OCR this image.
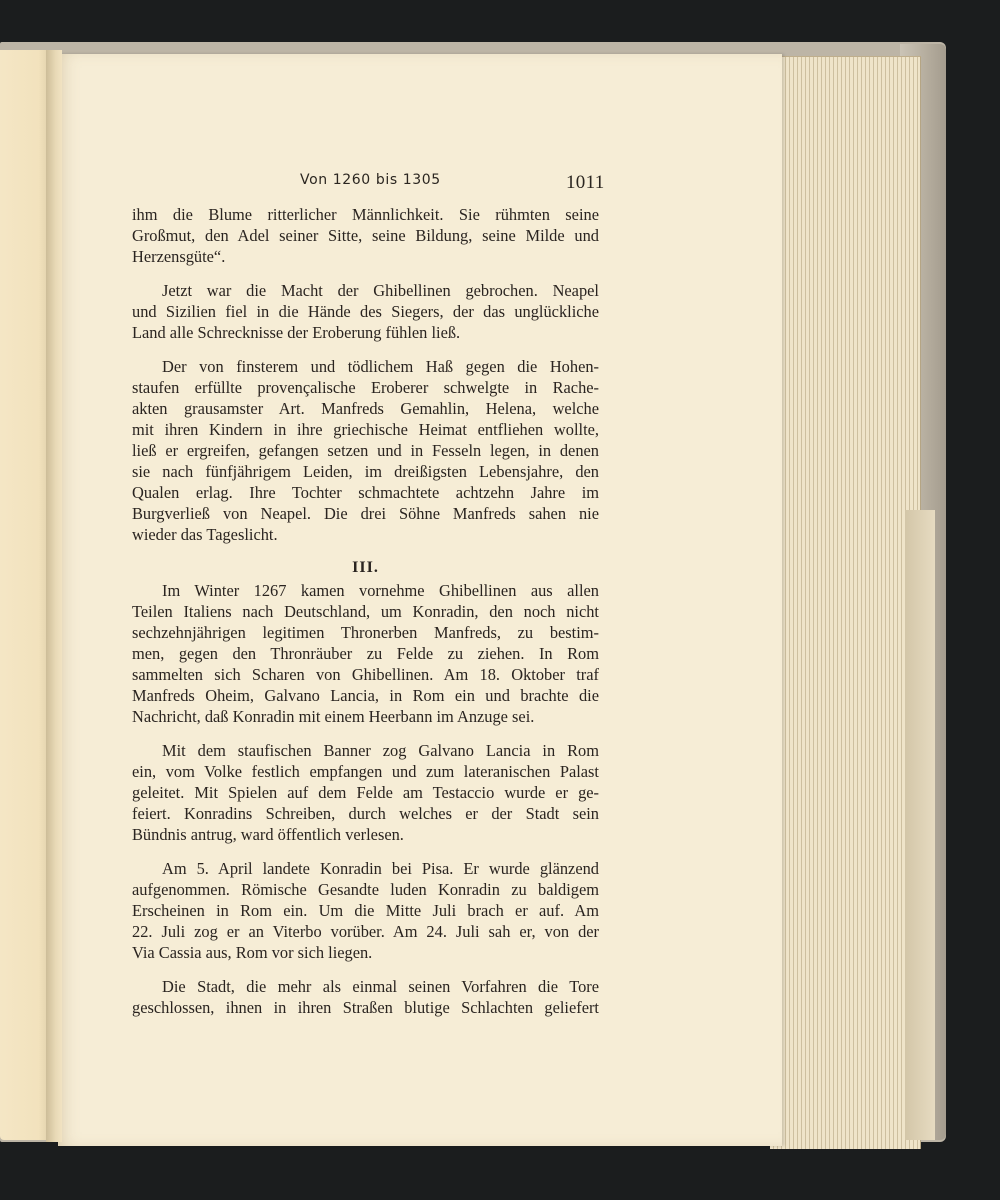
Von 1260 bis 1305	1011

ihm die Blume ritterlicher Männlichkeit. Sie rühmten seine
Großmut, den Adel seiner Sitte, seine Bildung, seine Milde und
Herzensgüte“.

Jetzt war die Macht der Ghibellinen gebrochen. Neapel
und Sizilien fiel in die Hände des Siegers, der das unglückliche
Land alle Schrecknisse der Eroberung fühlen ließ.

Der von finsterem und tödlichem Haß gegen die Hohen-
staufen erfüllte provençalische Eroberer schwelgte in Rache-
akten grausamster Art. Manfreds Gemahlin, Helena, welche
mit ihren Kindern in ihre griechische Heimat entfliehen wollte,
ließ er ergreifen, gefangen setzen und in Fesseln legen, in denen
sie nach fünfjährigem Leiden, im dreißigsten Lebensjahre, den
Qualen erlag. Ihre Tochter schmachtete achtzehn Jahre im
Burgverließ von Neapel. Die drei Söhne Manfreds sahen nie
wieder das Tageslicht.

III.

Im Winter 1267 kamen vornehme Ghibellinen aus allen
Teilen Italiens nach Deutschland, um Konradin, den noch nicht
sechzehnjährigen legitimen Thronerben Manfreds, zu bestim-
men, gegen den Thronräuber zu Felde zu ziehen. In Rom
sammelten sich Scharen von Ghibellinen. Am 18. Oktober traf
Manfreds Oheim, Galvano Lancia, in Rom ein und brachte die
Nachricht, daß Konradin mit einem Heerbann im Anzuge sei.

Mit dem staufischen Banner zog Galvano Lancia in Rom
ein, vom Volke festlich empfangen und zum lateranischen Palast
geleitet. Mit Spielen auf dem Felde am Testaccio wurde er ge-
feiert. Konradins Schreiben, durch welches er der Stadt sein
Bündnis antrug, ward öffentlich verlesen.

Am 5. April landete Konradin bei Pisa. Er wurde glänzend
aufgenommen. Römische Gesandte luden Konradin zu baldigem
Erscheinen in Rom ein. Um die Mitte Juli brach er auf. Am
22. Juli zog er an Viterbo vorüber. Am 24. Juli sah er, von der
Via Cassia aus, Rom vor sich liegen.

Die Stadt, die mehr als einmal seinen Vorfahren die Tore
geschlossen, ihnen in ihren Straßen blutige Schlachten geliefert
